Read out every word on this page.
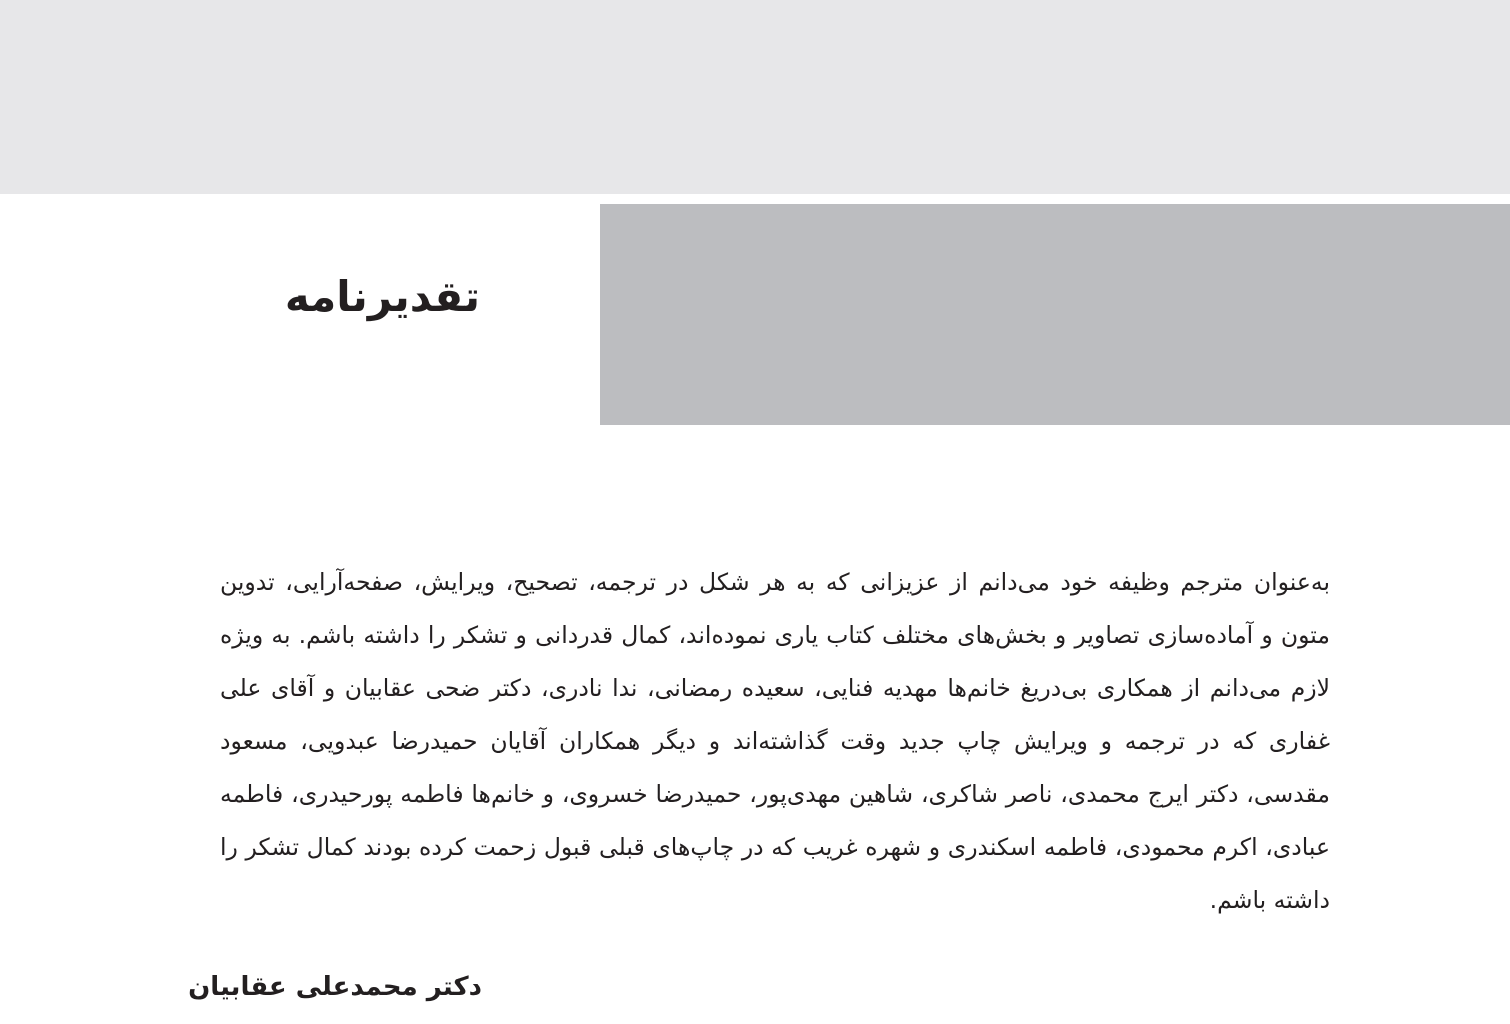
تقدیرنامه

به‌عنوان مترجم وظیفه خود می‌دانم از عزیزانی که به هر شکل در ترجمه، تصحیح، ویرایش، صفحه‌آرایی، تدوین متون و آماده‌سازی تصاویر و بخش‌های مختلف کتاب یاری نموده‌اند، کمال قدردانی و تشکر را داشته باشم. به ویژه لازم می‌دانم از همکاری بی‌دریغ خانم‌ها مهدیه فنایی، سعیده رمضانی، ندا نادری، دکتر ضحی عقابیان و آقای علی غفاری که در ترجمه و ویرایش چاپ جدید وقت گذاشته‌اند و دیگر همکاران آقایان حمیدرضا عبدویی، مسعود مقدسی، دکتر ایرج محمدی، ناصر شاکری، شاهین مهدی‌پور، حمیدرضا خسروی، و خانم‌ها فاطمه پورحیدری، فاطمه عبادی، اکرم محمودی، فاطمه اسکندری و شهره غریب که در چاپ‌های قبلی قبول زحمت کرده بودند کمال تشکر را داشته باشم.

دکتر محمدعلی عقابیان
